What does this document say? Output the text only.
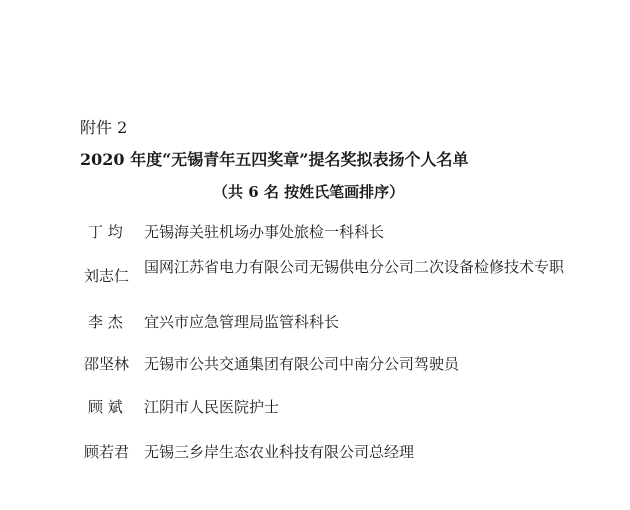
附件 2
2020 年度“无锡青年五四奖章”提名奖拟表扬个人名单
（共 6 名 按姓氏笔画排序）
丁 均	无锡海关驻机场办事处旅检一科科长
刘志仁 国网江苏省电力有限公司无锡供电分公司二次设备检修技术专职
李 杰	宜兴市应急管理局监管科科长
邵坚林 无锡市公共交通集团有限公司中南分公司驾驶员
顾 斌	江阴市人民医院护士
顾若君 无锡三乡岸生态农业科技有限公司总经理
